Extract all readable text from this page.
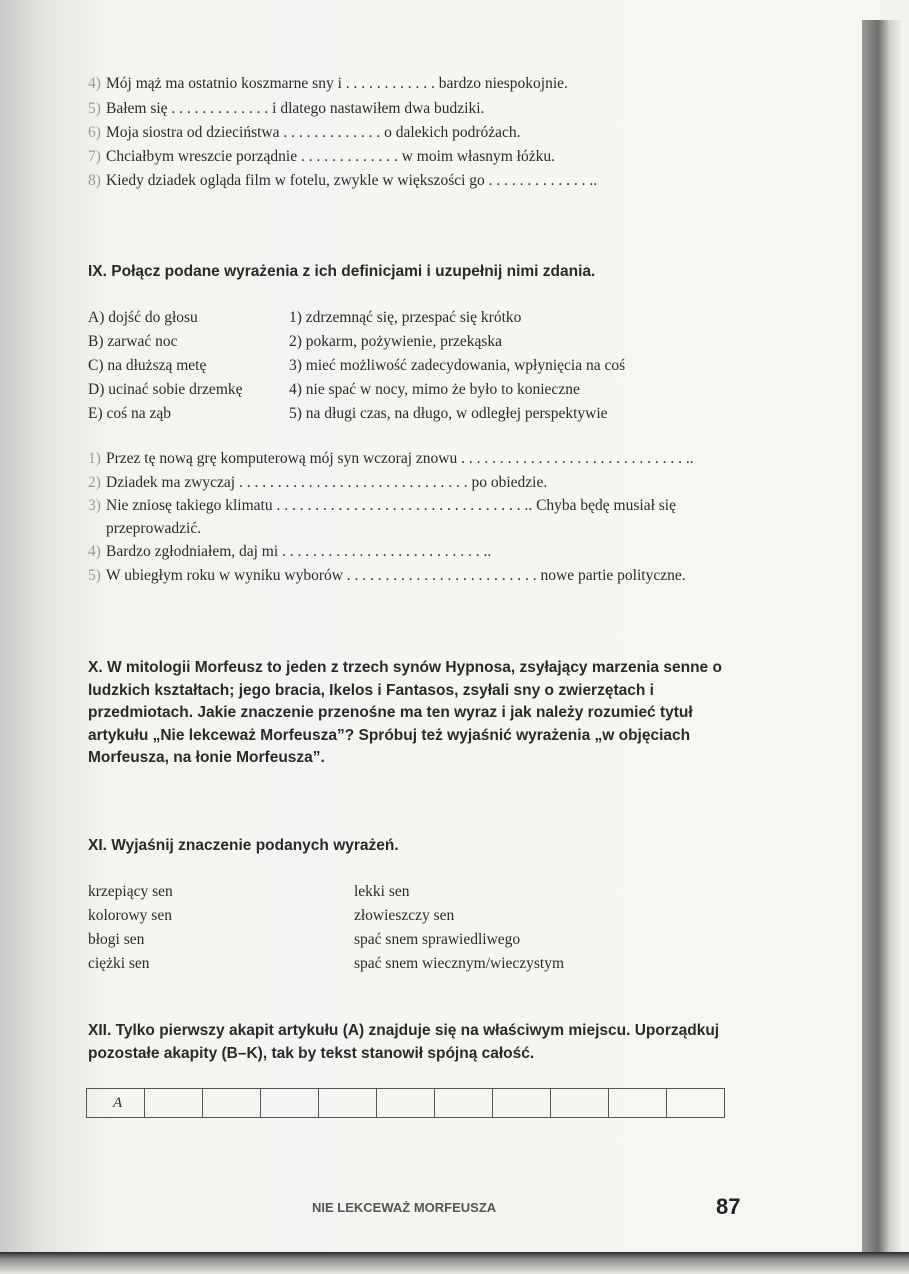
4) Mój mąż ma ostatnio koszmarne sny i . . . . . . . . . . . . bardzo niespokojnie.
5) Bałem się . . . . . . . . . . . . . i dlatego nastawiłem dwa budziki.
6) Moja siostra od dzieciństwa . . . . . . . . . . . . . o dalekich podróżach.
7) Chciałbym wreszcie porządnie . . . . . . . . . . . . . w moim własnym łóżku.
8) Kiedy dziadek ogląda film w fotelu, zwykle w większości go . . . . . . . . . . . . . ..
IX. Połącz podane wyrażenia z ich definicjami i uzupełnij nimi zdania.
A) dojść do głosu
B) zarwać noc
C) na dłuższą metę
D) ucinać sobie drzemkę
E) coś na ząb
1) zdrzemnąć się, przespać się krótko
2) pokarm, pożywienie, przekąska
3) mieć możliwość zadecydowania, wpłynięcia na coś
4) nie spać w nocy, mimo że było to konieczne
5) na długi czas, na długo, w odległej perspektywie
1) Przez tę nową grę komputerową mój syn wczoraj znowu . . . . . . . . . . . . . . . . . . . . . . . . . . . . . ..
2) Dziadek ma zwyczaj . . . . . . . . . . . . . . . . . . . . . . . . . . . . . . po obiedzie.
3) Nie zniosę takiego klimatu . . . . . . . . . . . . . . . . . . . . . . . . . . . . . . . . .. Chyba będę musiał się
przeprowadzić.
4) Bardzo zgłodniałem, daj mi . . . . . . . . . . . . . . . . . . . . . . . . . . ..
5) W ubiegłym roku w wyniku wyborów . . . . . . . . . . . . . . . . . . . . . . . . . nowe partie polityczne.
X. W mitologii Morfeusz to jeden z trzech synów Hypnosa, zsyłający marzenia senne o ludzkich kształtach; jego bracia, Ikelos i Fantasos, zsyłali sny o zwierzętach i przedmiotach. Jakie znaczenie przenośne ma ten wyraz i jak należy rozumieć tytuł artykułu „Nie lekceważ Morfeusza”? Spróbuj też wyjaśnić wyrażenia „w objęciach Morfeusza, na łonie Morfeusza”.
XI. Wyjaśnij znaczenie podanych wyrażeń.
krzepiący sen
kolorowy sen
błogi sen
ciężki sen
lekki sen
złowieszczy sen
spać snem sprawiedliwego
spać snem wiecznym/wieczystym
XII. Tylko pierwszy akapit artykułu (A) znajduje się na właściwym miejscu. Uporządkuj
pozostałe akapity (B–K), tak by tekst stanowił spójną całość.
A
NIE LEKCEWAŻ MORFEUSZA	87
